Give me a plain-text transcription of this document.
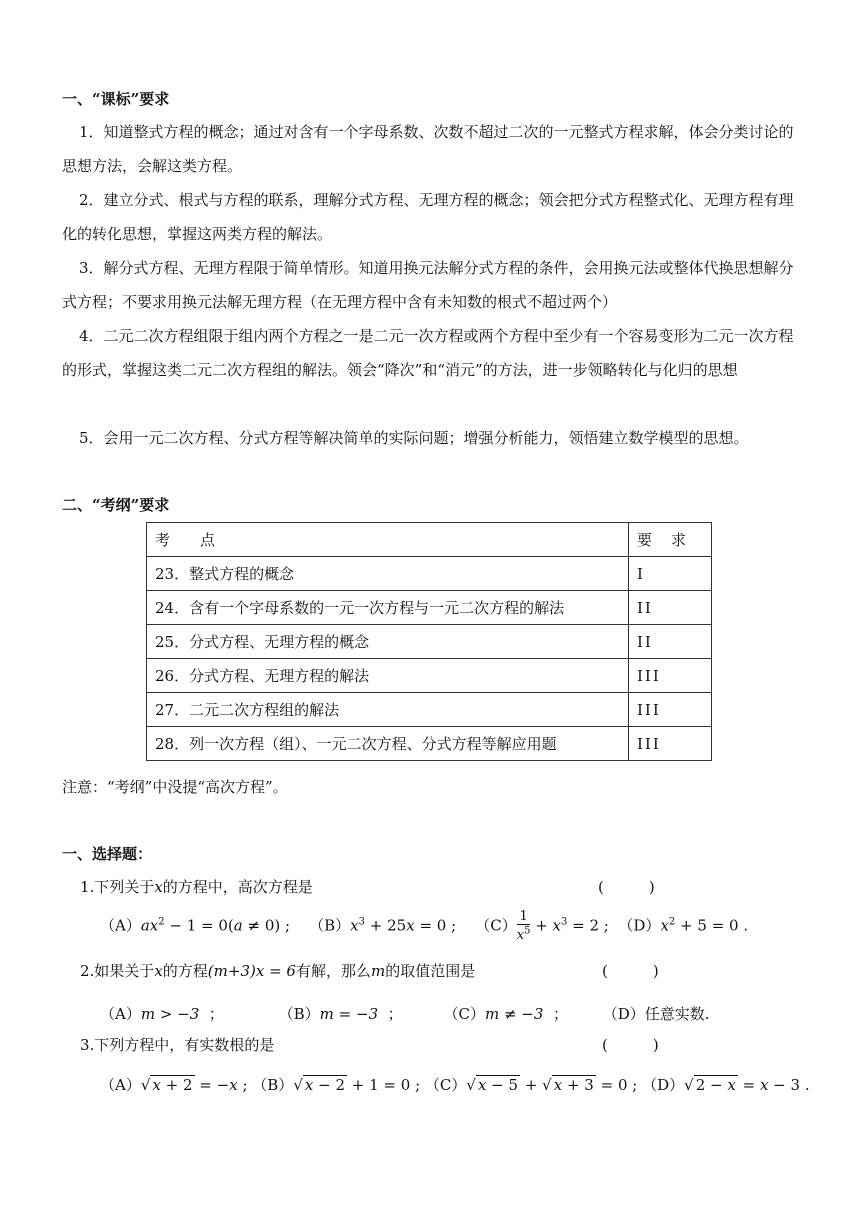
一、“课标”要求
1．知道整式方程的概念；通过对含有一个字母系数、次数不超过二次的一元整式方程求解，体会分类讨论的思想方法，会解这类方程。
2．建立分式、根式与方程的联系，理解分式方程、无理方程的概念；领会把分式方程整式化、无理方程有理化的转化思想，掌握这两类方程的解法。
3．解分式方程、无理方程限于简单情形。知道用换元法解分式方程的条件，会用换元法或整体代换思想解分式方程；不要求用换元法解无理方程（在无理方程中含有未知数的根式不超过两个）
4．二元二次方程组限于组内两个方程之一是二元一次方程或两个方程中至少有一个容易变形为二元一次方程的形式，掌握这类二元二次方程组的解法。领会“降次”和“消元”的方法，进一步领略转化与化归的思想
5．会用一元二次方程、分式方程等解决简单的实际问题；增强分析能力，领悟建立数学模型的思想。
二、“考纲”要求
考　　点	要　求
23．整式方程的概念	I
24．含有一个字母系数的一元一次方程与一元二次方程的解法	II
25．分式方程、无理方程的概念	II
26．分式方程、无理方程的解法	III
27．二元二次方程组的解法	III
28．列一次方程（组）、一元二次方程、分式方程等解应用题	III
注意：“考纲”中没提“高次方程”。
一、选择题：
1.下列关于x的方程中，高次方程是	(　　　)
$(A)ax^2 - 1 = 0(a \ne 0)$ ;    $(B)x^3 + 25x = 0$ ;    $(C) \frac{1}{x^5} + x^3 = 2$ ;  $(D)x^2 + 5 = 0$ .
2.如果关于x的方程(m+3)x = 6有解，那么m的取值范围是	(　　　)
（A）m > −3 ；	（B）m = −3 ；	（C）m ≠ −3 ； （D）任意实数.
3.下列方程中，有实数根的是	(　　　)
（A）√ x + 2 = −x ; （B）√ x − 2 + 1 = 0 ; （C）√ x − 5 + √ x + 3 = 0 ; （D）√ 2 − x = x − 3 .
